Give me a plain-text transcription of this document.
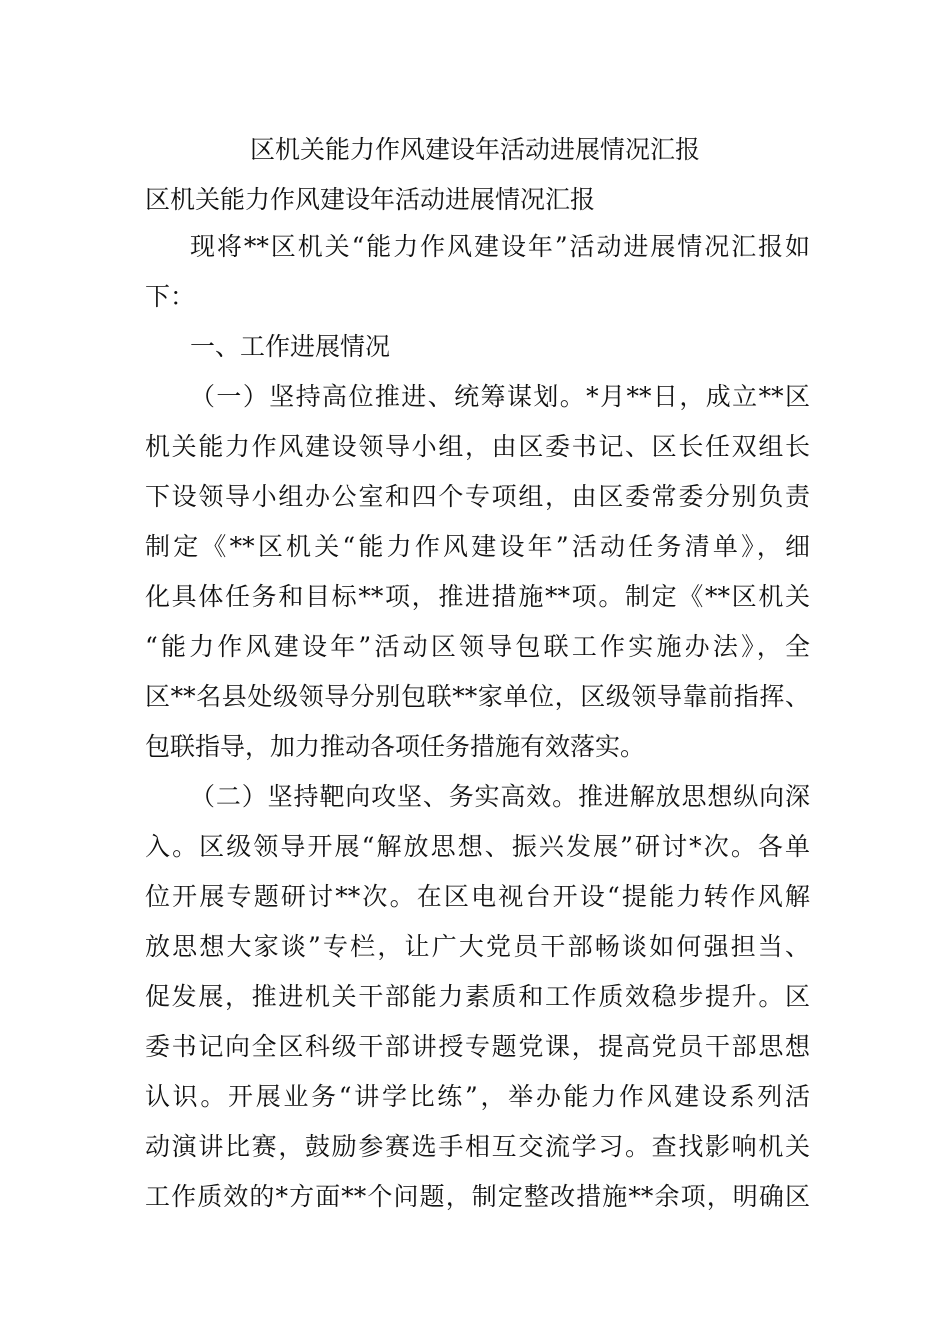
区机关能力作风建设年活动进展情况汇报
区机关能力作风建设年活动进展情况汇报
现将**区机关“能力作风建设年”活动进展情况汇报如
下：
一、工作进展情况
（一）坚持高位推进、统筹谋划。*月**日，成立**区
机关能力作风建设领导小组，由区委书记、区长任双组长
下设领导小组办公室和四个专项组，由区委常委分别负责
制定《**区机关“能力作风建设年”活动任务清单》，细
化具体任务和目标**项，推进措施**项。制定《**区机关
“能力作风建设年”活动区领导包联工作实施办法》，全
区**名县处级领导分别包联**家单位，区级领导靠前指挥、
包联指导，加力推动各项任务措施有效落实。
（二）坚持靶向攻坚、务实高效。推进解放思想纵向深
入。区级领导开展“解放思想、振兴发展”研讨*次。各单
位开展专题研讨**次。在区电视台开设“提能力转作风解
放思想大家谈”专栏，让广大党员干部畅谈如何强担当、
促发展，推进机关干部能力素质和工作质效稳步提升。区
委书记向全区科级干部讲授专题党课，提高党员干部思想
认识。开展业务“讲学比练”，举办能力作风建设系列活
动演讲比赛，鼓励参赛选手相互交流学习。查找影响机关
工作质效的*方面**个问题，制定整改措施**余项，明确区
